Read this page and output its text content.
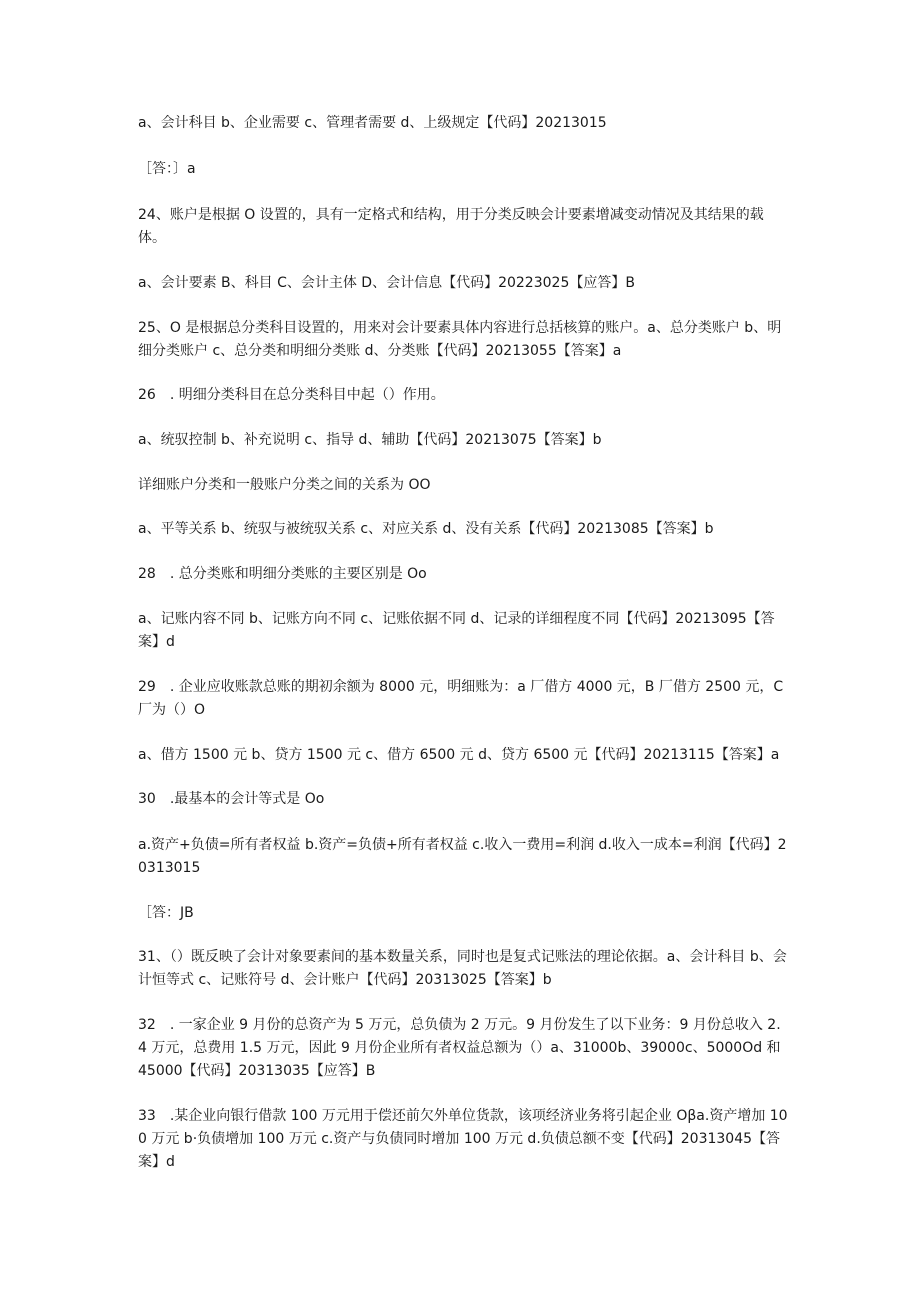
a、会计科目 b、企业需要 c、管理者需要 d、上级规定【代码】20213015

［答：〕a

24、账户是根据 O 设置的，具有一定格式和结构，用于分类反映会计要素增减变动情况及其结果的载体。

a、会计要素 B、科目 C、会计主体 D、会计信息【代码】20223025【应答】B

25、O 是根据总分类科目设置的，用来对会计要素具体内容进行总括核算的账户。a、总分类账户 b、明细分类账户 c、总分类和明细分类账 d、分类账【代码】20213055【答案】a

26　. 明细分类科目在总分类科目中起（）作用。

a、统驭控制 b、补充说明 c、指导 d、辅助【代码】20213075【答案】b

详细账户分类和一般账户分类之间的关系为 OO

a、平等关系 b、统驭与被统驭关系 c、对应关系 d、没有关系【代码】20213085【答案】b

28　. 总分类账和明细分类账的主要区别是 Oo

a、记账内容不同 b、记账方向不同 c、记账依据不同 d、记录的详细程度不同【代码】20213095【答案】d

29　. 企业应收账款总账的期初余额为 8000 元，明细账为：a 厂借方 4000 元，B 厂借方 2500 元，C 厂为（）O

a、借方 1500 元 b、贷方 1500 元 c、借方 6500 元 d、贷方 6500 元【代码】20213115【答案】a

30　.最基本的会计等式是 Oo

a.资产+负债=所有者权益 b.资产=负债+所有者权益 c.收入一费用=利润 d.收入一成本=利润【代码】20313015

［答：JB

31、（）既反映了会计对象要素间的基本数量关系，同时也是复式记账法的理论依据。a、会计科目 b、会计恒等式 c、记账符号 d、会计账户【代码】20313025【答案】b

32　. 一家企业 9 月份的总资产为 5 万元，总负债为 2 万元。9 月份发生了以下业务：9 月份总收入 2.4 万元，总费用 1.5 万元，因此 9 月份企业所有者权益总额为（）a、31000b、39000c、5000Od 和 45000【代码】20313035【应答】B

33　.某企业向银行借款 100 万元用于偿还前欠外单位货款，该项经济业务将引起企业 Oβa.资产增加 100 万元 b·负债增加 100 万元 c.资产与负债同时增加 100 万元 d.负债总额不变【代码】20313045【答案】d
